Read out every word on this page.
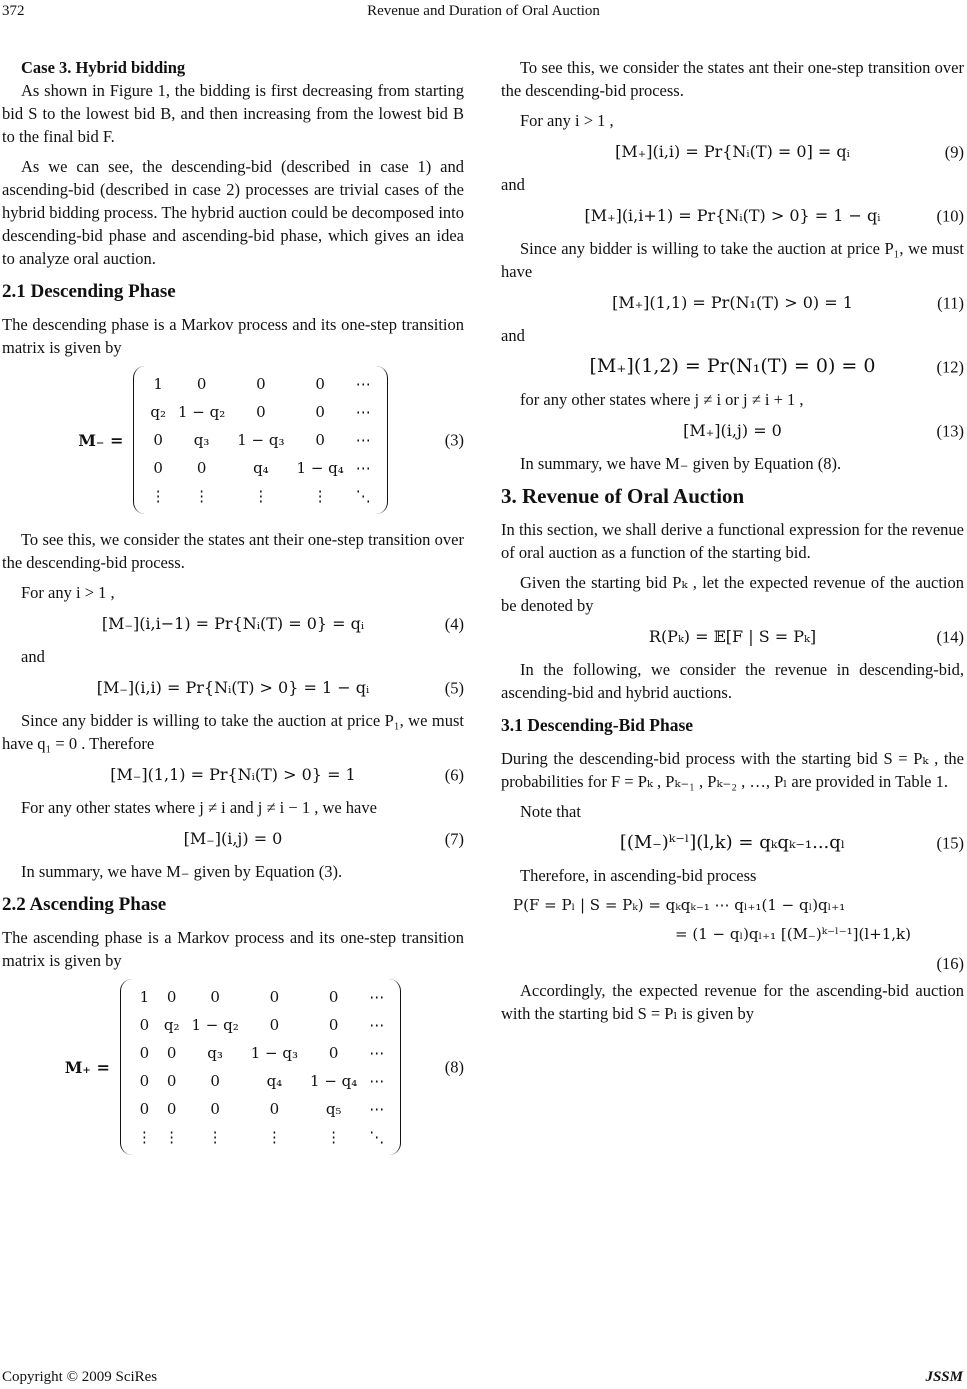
372	Revenue and Duration of Oral Auction
Case 3. Hybrid bidding

As shown in Figure 1, the bidding is first decreasing from starting bid S to the lowest bid B, and then increasing from the lowest bid B to the final bid F.

As we can see, the descending-bid (described in case 1) and ascending-bid (described in case 2) processes are trivial cases of the hybrid bidding process. The hybrid auction could be decomposed into descending-bid phase and ascending-bid phase, which gives an idea to analyze oral auction.

2.1 Descending Phase

The descending phase is a Markov process and its one-step transition matrix is given by

M₋ =
1	0	0	0	⋯
q₂	1 − q₂	0	0	⋯
0	q₃	1 − q₃	0	⋯
0	0	q₄	1 − q₄	⋯
⋮	⋮	⋮	⋮	⋱
(3)

To see this, we consider the states ant their one-step transition over the descending-bid process.

For any i > 1 ,

[M₋](i,i−1) = Pr{Nᵢ(T) = 0} = qᵢ	(4)

and

[M₋](i,i) = Pr{Nᵢ(T) > 0} = 1 − qᵢ	(5)

Since any bidder is willing to take the auction at price P₁, we must have q₁ = 0 . Therefore

[M₋](1,1) = Pr{Nᵢ(T) > 0} = 1	(6)

For any other states where j ≠ i and j ≠ i − 1 , we have

[M₋](i,j) = 0	(7)

In summary, we have M₋ given by Equation (3).

2.2 Ascending Phase

The ascending phase is a Markov process and its one-step transition matrix is given by

M₊ =
1	0	0	0	0	⋯
0	q₂	1 − q₂	0	0	⋯
0	0	q₃	1 − q₃	0	⋯
0	0	0	q₄	1 − q₄	⋯
0	0	0	0	q₅	⋯
⋮	⋮	⋮	⋮	⋮	⋱
(8)

To see this, we consider the states ant their one-step transition over the descending-bid process.

For any i > 1 ,

[M₊](i,i) = Pr{Nᵢ(T) = 0] = qᵢ	(9)

and

[M₊](i,i+1) = Pr{Nᵢ(T) > 0} = 1 − qᵢ	(10)

Since any bidder is willing to take the auction at price P₁, we must have

[M₊](1,1) = Pr(N₁(T) > 0) = 1	(11)

and

[M₊](1,2) = Pr(N₁(T) = 0) = 0	(12)

for any other states where j ≠ i or j ≠ i + 1 ,

[M₊](i,j) = 0	(13)

In summary, we have M₋ given by Equation (8).

3. Revenue of Oral Auction

In this section, we shall derive a functional expression for the revenue of oral auction as a function of the starting bid.

Given the starting bid Pₖ , let the expected revenue of the auction be denoted by

R(Pₖ) = 𝔼[F | S = Pₖ]	(14)

In the following, we consider the revenue in descending-bid, ascending-bid and hybrid auctions.

3.1 Descending-Bid Phase

During the descending-bid process with the starting bid S = Pₖ , the probabilities for F = Pₖ , Pₖ₋₁ , Pₖ₋₂ , …, Pₗ are provided in Table 1.

Note that

[(M₋)ᵏ⁻ˡ](l,k) = qₖqₖ₋₁...qₗ	(15)

Therefore, in ascending-bid process

P(F = Pₗ | S = Pₖ) = qₖqₖ₋₁ ⋯ qₗ₊₁(1 − qₗ)qₗ₊₁
= (1 − qₗ)qₗ₊₁ [(M₋)ᵏ⁻ˡ⁻¹](l+1,k)
(16)

Accordingly, the expected revenue for the ascending-bid auction with the starting bid S = Pₗ is given by

Copyright © 2009 SciRes	JSSM
